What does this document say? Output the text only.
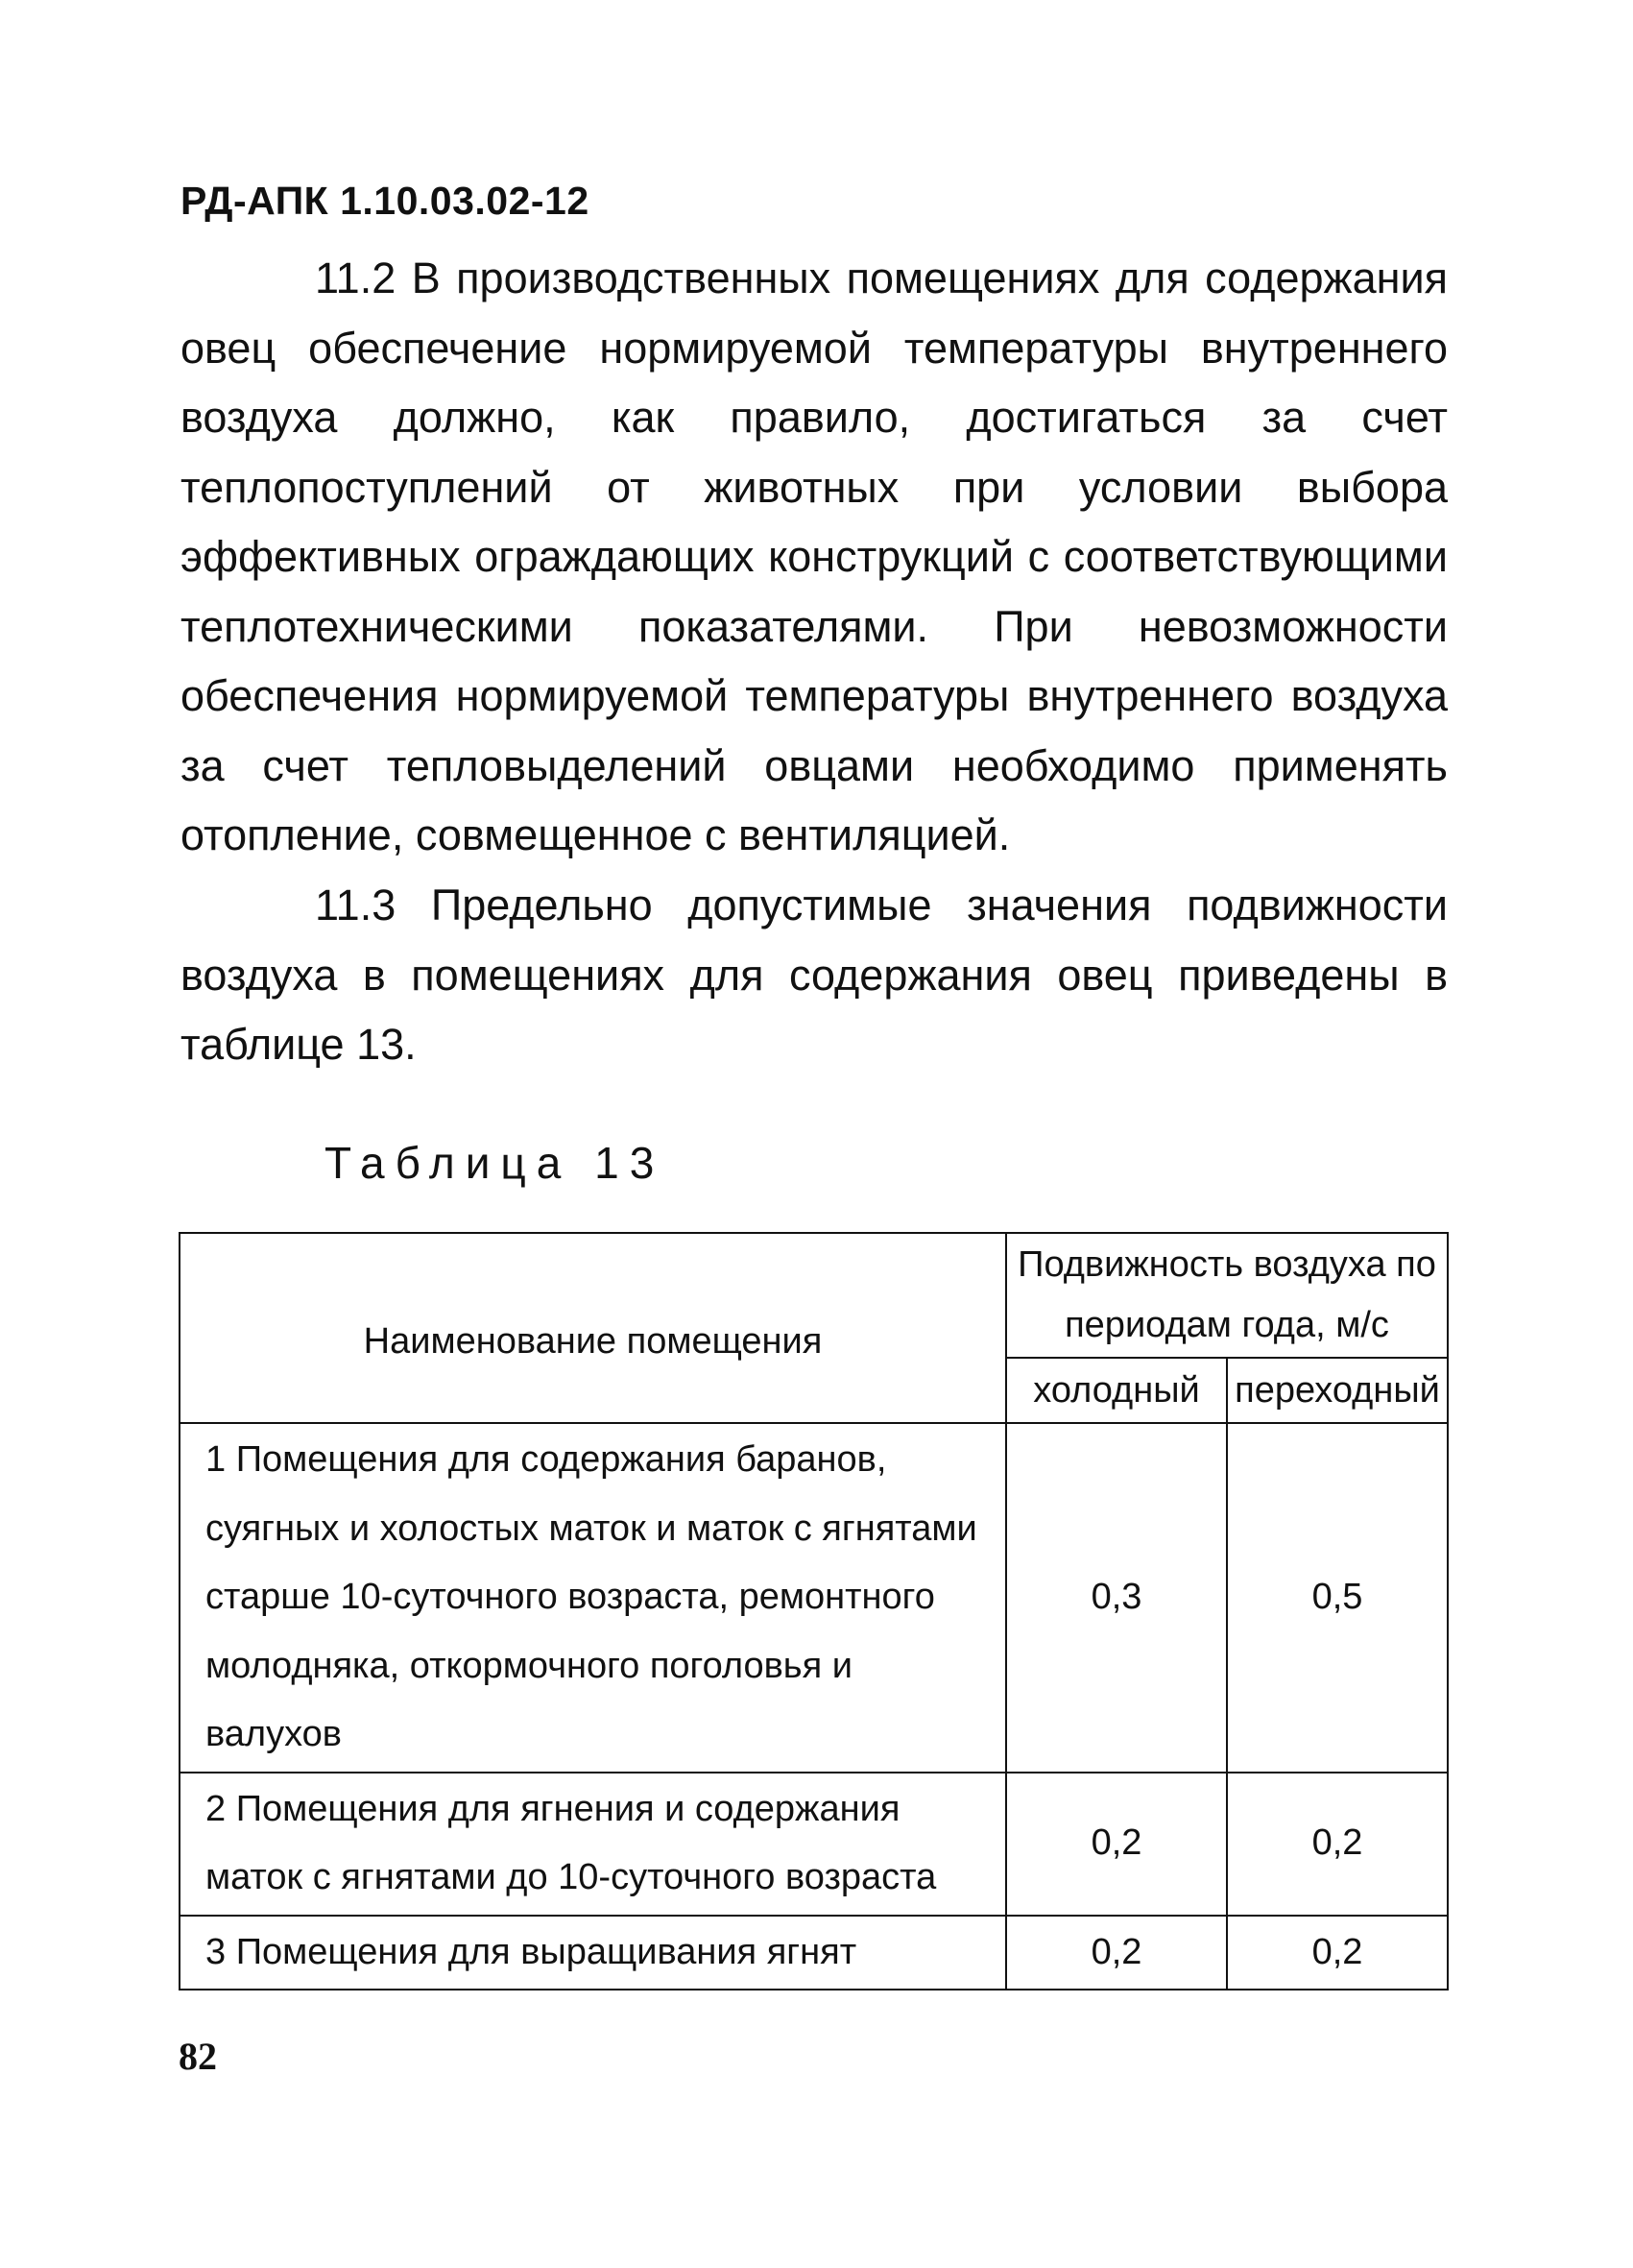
РД-АПК 1.10.03.02-12

11.2 В производственных помещениях для содержания овец обеспечение нормируемой температуры внутреннего воздуха должно, как правило, достигаться за счет теплопоступлений от животных при условии выбора эффективных ограждающих конструкций с соответствующими теплотехническими показателями. При невозможности обеспечения нормируемой температуры внутреннего воздуха за счет тепловыделений овцами необходимо применять отопление, совмещенное с вентиляцией.

11.3 Предельно допустимые значения подвижности воздуха в помещениях для содержания овец приведены в таблице 13.

Таблица 13
Наименование помещения	Подвижность воздуха по периодам года, м/с	
	холодный	переходный
1 Помещения для содержания баранов, суягных и холостых маток и маток с ягнятами старше 10-суточного возраста, ремонтного молодняка, откормочного поголовья и валухов	0,3	0,5
2 Помещения для ягнения и содержания маток с ягнятами до 10-суточного возраста	0,2	0,2
3 Помещения для выращивания ягнят	0,2	0,2
82
